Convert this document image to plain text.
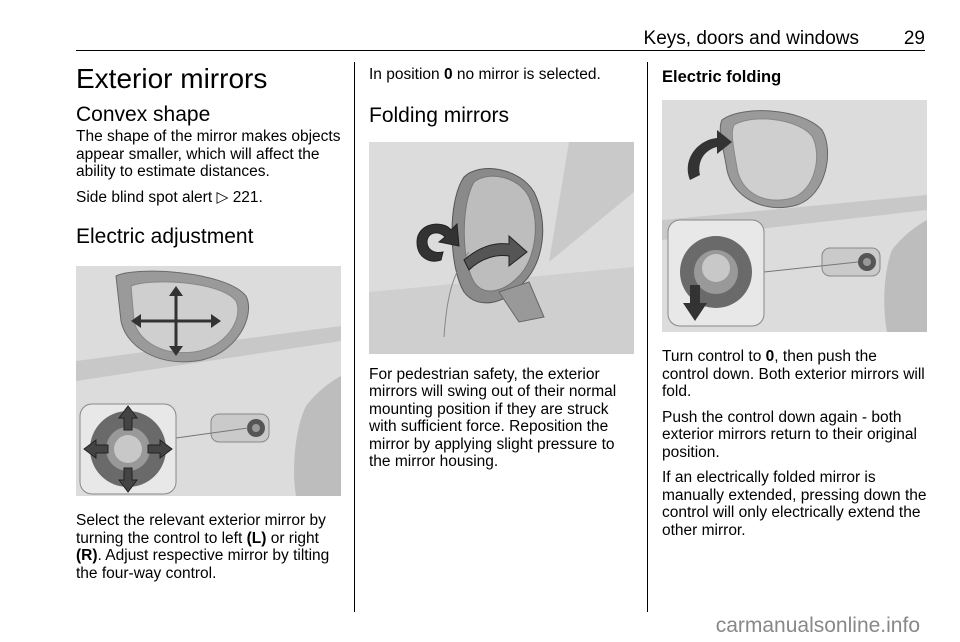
Keys, doors and windows 29
Exterior mirrors
Convex shape

The shape of the mirror makes objects appear smaller, which will affect the ability to estimate distances.

Side blind spot alert ▷ 221.

Electric adjustment

Select the relevant exterior mirror by turning the control to left (L) or right (R). Adjust respective mirror by tilting the four-way control.

In position 0 no mirror is selected.

Folding mirrors

For pedestrian safety, the exterior mirrors will swing out of their normal mounting position if they are struck with sufficient force. Reposition the mirror by applying slight pressure to the mirror housing.

Electric folding

Turn control to 0, then push the control down. Both exterior mirrors will fold.

Push the control down again - both exterior mirrors return to their original position.

If an electrically folded mirror is manually extended, pressing down the control will only electrically extend the other mirror.

carmanualsonline.info
